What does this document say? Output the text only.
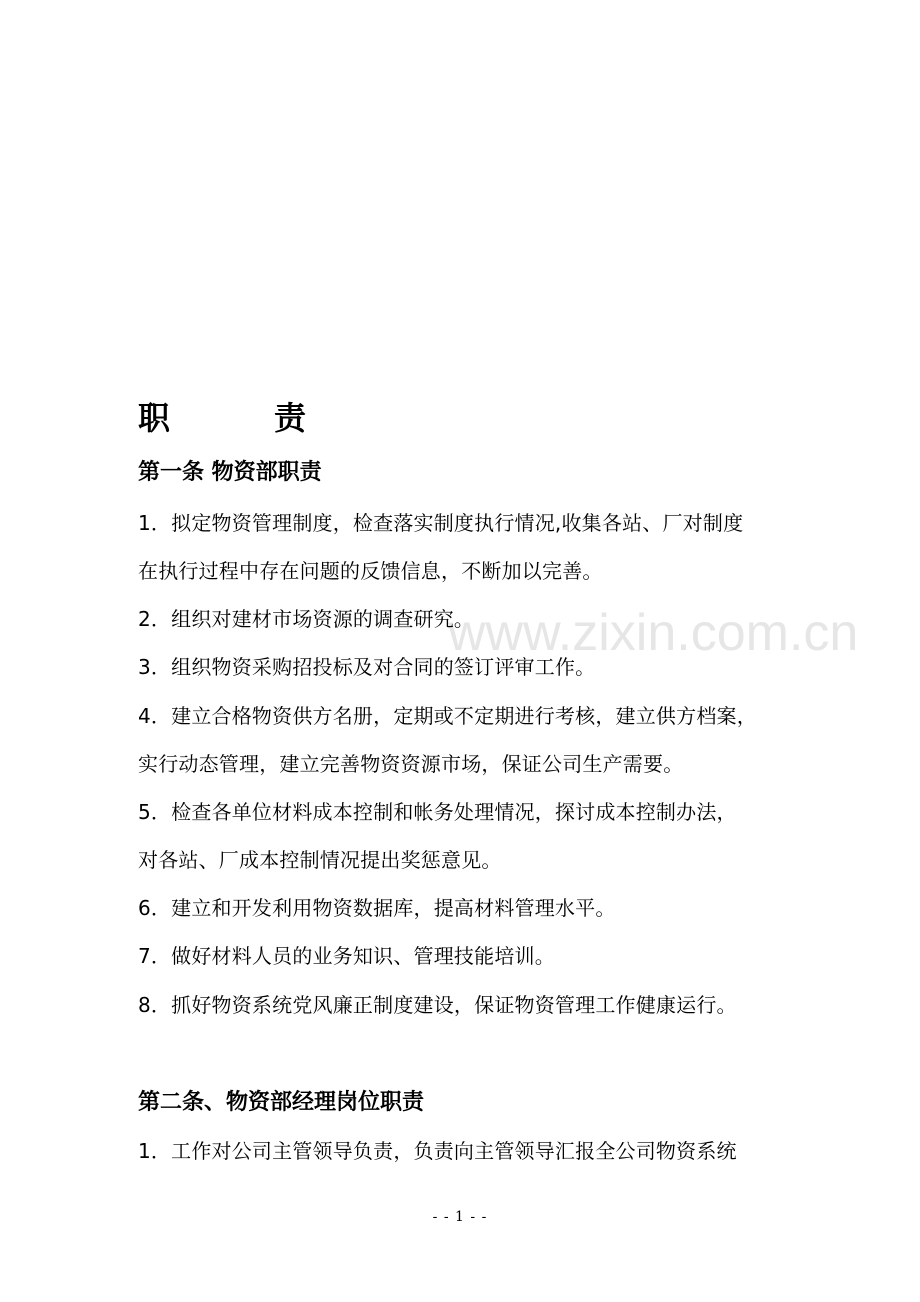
www.zixin.com.cn
职　责
第一条 物资部职责
1．拟定物资管理制度，检查落实制度执行情况,收集各站、厂对制度
在执行过程中存在问题的反馈信息，不断加以完善。
2．组织对建材市场资源的调查研究。
3．组织物资采购招投标及对合同的签订评审工作。
4．建立合格物资供方名册，定期或不定期进行考核，建立供方档案，
实行动态管理，建立完善物资资源市场，保证公司生产需要。
5．检查各单位材料成本控制和帐务处理情况，探讨成本控制办法，
对各站、厂成本控制情况提出奖惩意见。
6．建立和开发利用物资数据库，提高材料管理水平。
7．做好材料人员的业务知识、管理技能培训。
8．抓好物资系统党风廉正制度建设，保证物资管理工作健康运行。
第二条、物资部经理岗位职责
1．工作对公司主管领导负责，负责向主管领导汇报全公司物资系统
- - 1 - -
